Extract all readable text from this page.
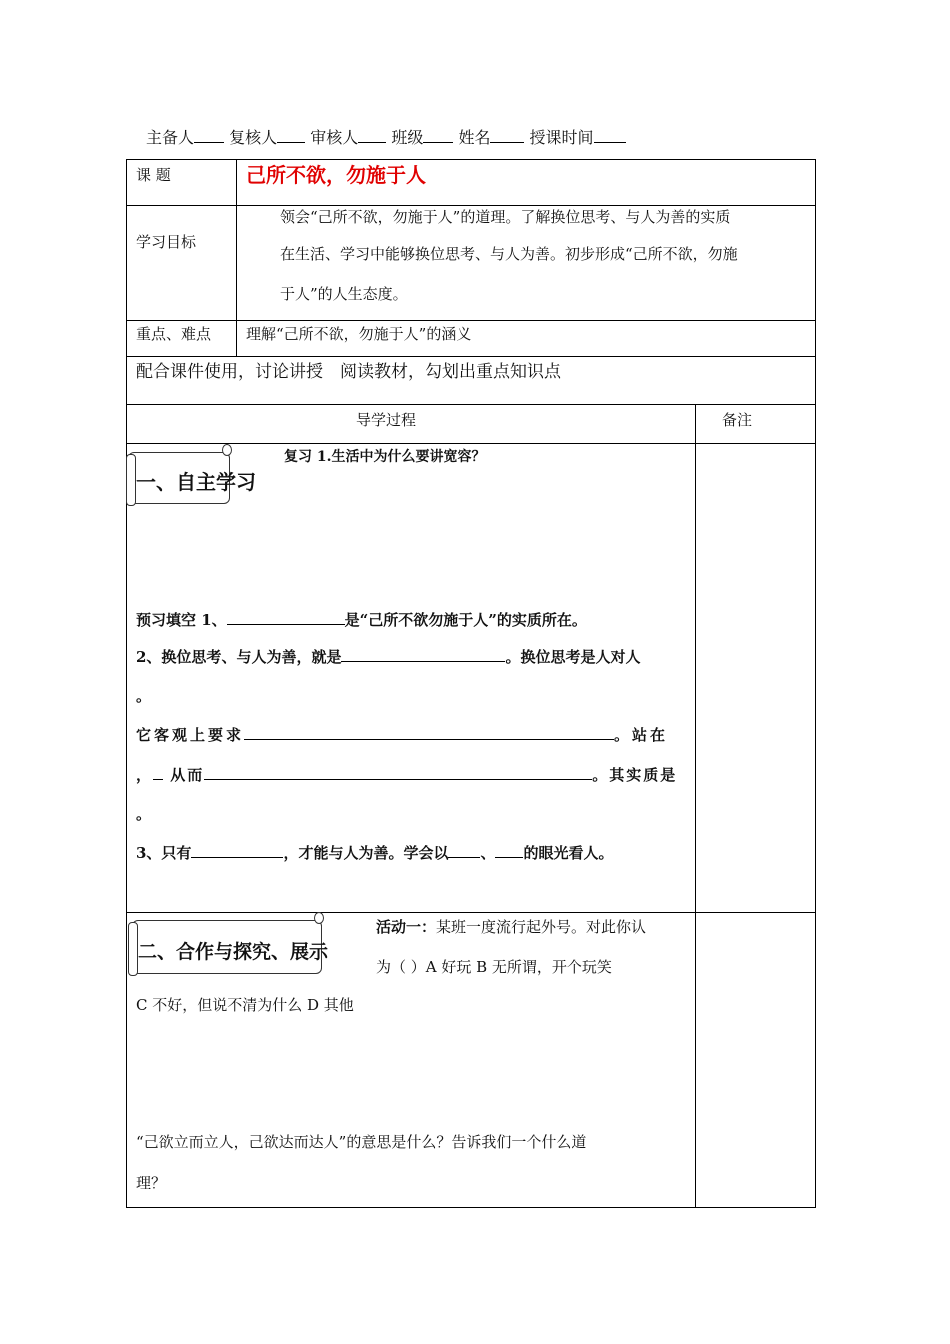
主备人 复核人 审核人 班级 姓名 授课时间
课 题	己所不欲，勿施于人
学习目标
领会“己所不欲，勿施于人”的道理。了解换位思考、与人为善的实质
在生活、学习中能够换位思考、与人为善。初步形成“己所不欲，勿施
于人”的人生态度。
重点、难点 理解“己所不欲，勿施于人”的涵义
配合课件使用，讨论讲授　阅读教材，勾划出重点知识点
导学过程	备注
一、自主学习
复习 1.生活中为什么要讲宽容？
预习填空 1、	是“己所不欲勿施于人”的实质所在。
2、换位思考、与人为善，就是	。换位思考是人对人
。
它客观上要求	。站在
， 从而	。其实质是
。
3、只有	，才能与人为善。学会以 、 的眼光看人。
二、合作与探究、展示
活动一：某班一度流行起外号。对此你认
为（ ）A 好玩 B 无所谓，开个玩笑
C 不好，但说不清为什么 D 其他
“己欲立而立人，己欲达而达人”的意思是什么？告诉我们一个什么道
理？
